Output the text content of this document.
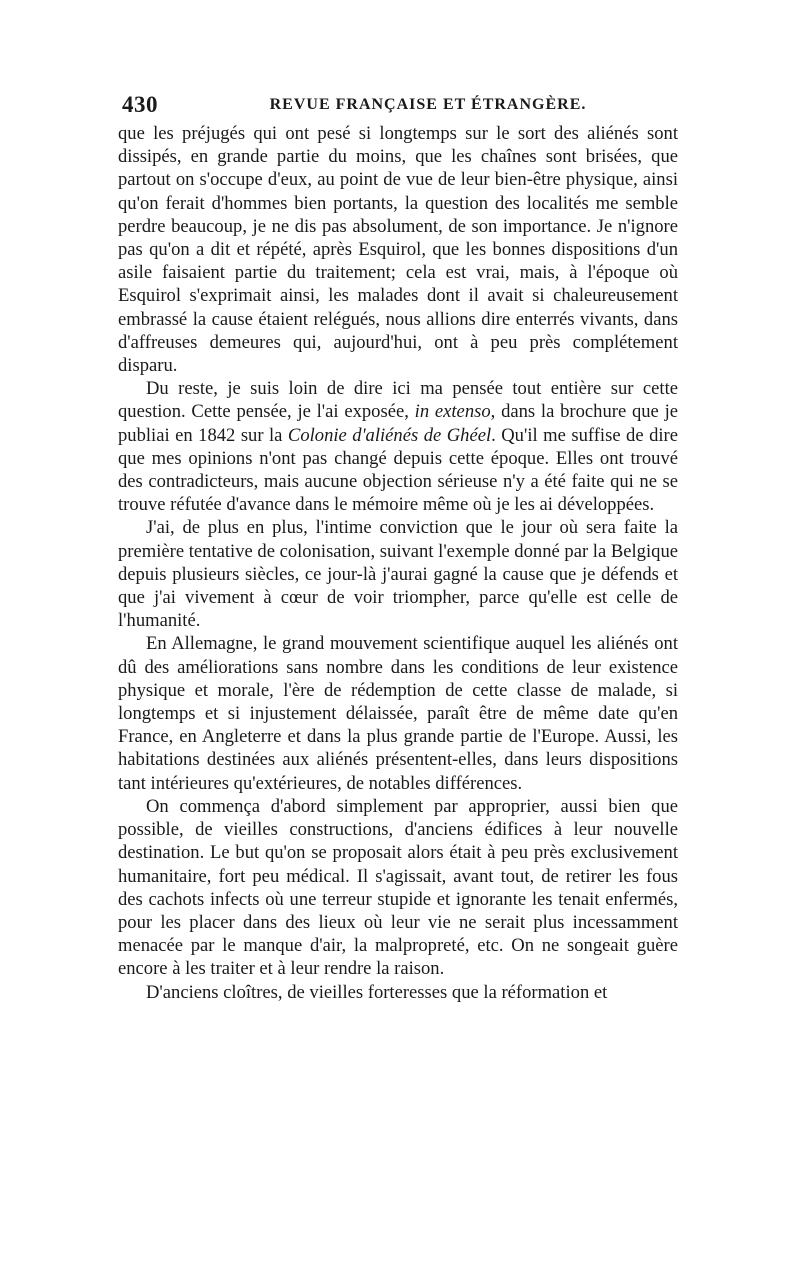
430	REVUE FRANÇAISE ET ÉTRANGÈRE.

que les préjugés qui ont pesé si longtemps sur le sort des aliénés sont dissipés, en grande partie du moins, que les chaînes sont brisées, que partout on s'occupe d'eux, au point de vue de leur bien-être physique, ainsi qu'on ferait d'hommes bien portants, la question des localités me semble perdre beaucoup, je ne dis pas absolument, de son importance. Je n'ignore pas qu'on a dit et répété, après Esquirol, que les bonnes dispositions d'un asile faisaient partie du traitement; cela est vrai, mais, à l'époque où Esquirol s'exprimait ainsi, les malades dont il avait si chaleureusement embrassé la cause étaient relégués, nous allions dire enterrés vivants, dans d'affreuses demeures qui, aujourd'hui, ont à peu près complétement disparu.

Du reste, je suis loin de dire ici ma pensée tout entière sur cette question. Cette pensée, je l'ai exposée, in extenso, dans la brochure que je publiai en 1842 sur la Colonie d'aliénés de Ghéel. Qu'il me suffise de dire que mes opinions n'ont pas changé depuis cette époque. Elles ont trouvé des contradicteurs, mais aucune objection sérieuse n'y a été faite qui ne se trouve réfutée d'avance dans le mémoire même où je les ai développées.

J'ai, de plus en plus, l'intime conviction que le jour où sera faite la première tentative de colonisation, suivant l'exemple donné par la Belgique depuis plusieurs siècles, ce jour-là j'aurai gagné la cause que je défends et que j'ai vivement à cœur de voir triompher, parce qu'elle est celle de l'humanité.

En Allemagne, le grand mouvement scientifique auquel les aliénés ont dû des améliorations sans nombre dans les conditions de leur existence physique et morale, l'ère de rédemption de cette classe de malade, si longtemps et si injustement délaissée, paraît être de même date qu'en France, en Angleterre et dans la plus grande partie de l'Europe. Aussi, les habitations destinées aux aliénés présentent-elles, dans leurs dispositions tant intérieures qu'extérieures, de notables différences.

On commença d'abord simplement par approprier, aussi bien que possible, de vieilles constructions, d'anciens édifices à leur nouvelle destination. Le but qu'on se proposait alors était à peu près exclusivement humanitaire, fort peu médical. Il s'agissait, avant tout, de retirer les fous des cachots infects où une terreur stupide et ignorante les tenait enfermés, pour les placer dans des lieux où leur vie ne serait plus incessamment menacée par le manque d'air, la malpropreté, etc. On ne songeait guère encore à les traiter et à leur rendre la raison.

D'anciens cloîtres, de vieilles forteresses que la réformation et
